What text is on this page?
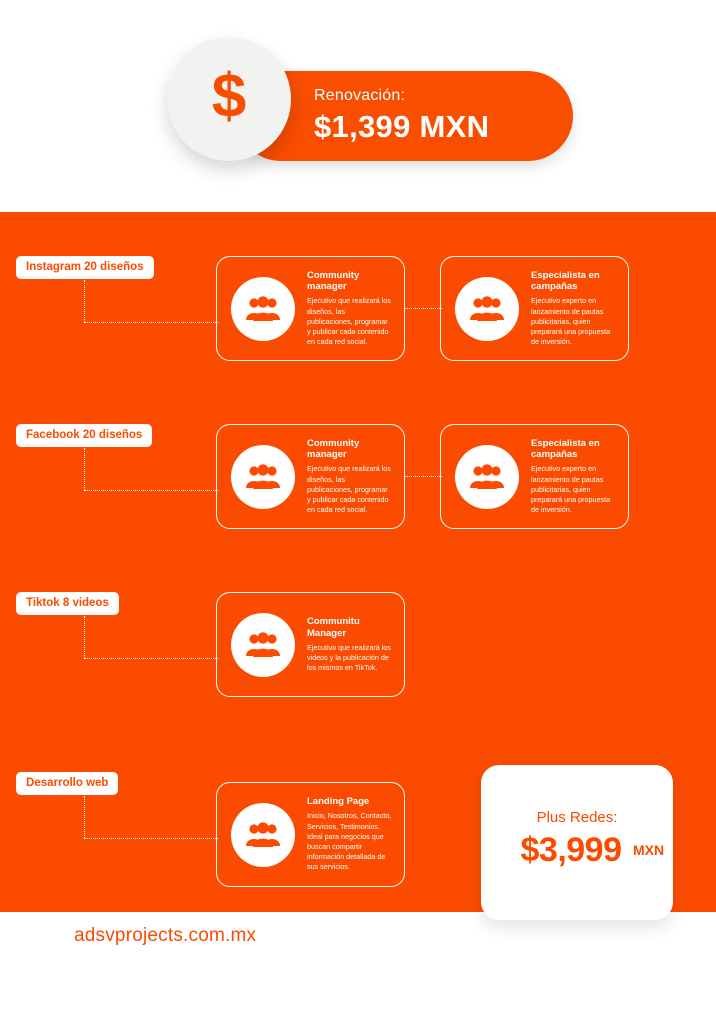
Renovación:
$1,399 MXN
$
Instagram 20 diseños
Community manager
Ejecutivo que realizará los diseños, las publicaciones, programar y publicar cada contenido en cada red social.
Especialista en campañas
Ejecutivo experto en lanzamiento de pautas publicitarias, quien preparará una propuesta de inversión.
Facebook 20 diseños
Community manager
Ejecutivo que realizará los diseños, las publicaciones, programar y publicar cada contenido en cada red social.
Especialista en campañas
Ejecutivo experto en lanzamiento de pautas publicitarias, quien preparará una propuesta de inversión.
Tiktok 8 videos
Communitu Manager
Ejecutivo que realizará los videos y la publicación de los mismos en TikTok.
Desarrollo web
Landing Page
Inicio, Nosotros, Contacto, Servicios, Testimonios. Ideal para negocios que buscan compartir información detallada de sus servicios.
Plus Redes:
$3,999 MXN
adsvprojects.com.mx
